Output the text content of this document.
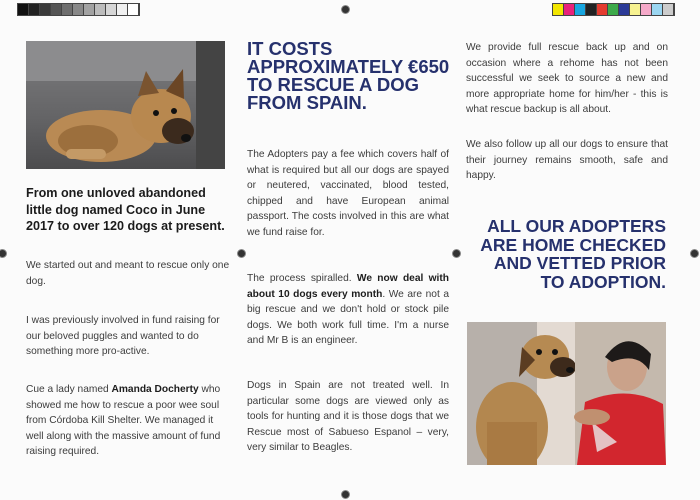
From one unloved abandoned little dog named Coco in June 2017 to over 120 dogs at present.

We started out and meant to rescue only one dog.

I was previously involved in fund raising for our beloved puggles and wanted to do something more pro-active.

Cue a lady named Amanda Docherty who showed me how to rescue a poor wee soul from Córdoba Kill Shelter. We managed it well along with the massive amount of fund raising required.

IT COSTS APPROXIMATELY €650 TO RESCUE A DOG FROM SPAIN.

The Adopters pay a fee which covers half of what is required but all our dogs are spayed or neutered, vaccinated, blood tested, chipped and have European animal passport. The costs involved in this are what we fund raise for.

The process spiralled. We now deal with about 10 dogs every month. We are not a big rescue and we don't hold or stock pile dogs. We both work full time. I'm a nurse and Mr B is an engineer.

Dogs in Spain are not treated well. In particular some dogs are viewed only as tools for hunting and it is those dogs that we Rescue most of Sabueso Espanol – very, very similar to Beagles.

We provide full rescue back up and on occasion where a rehome has not been successful we seek to source a new and more appropriate home for him/her - this is what rescue backup is all about.

We also follow up all our dogs to ensure that their journey remains smooth, safe and happy.

ALL OUR ADOPTERS ARE HOME CHECKED AND VETTED PRIOR TO ADOPTION.
